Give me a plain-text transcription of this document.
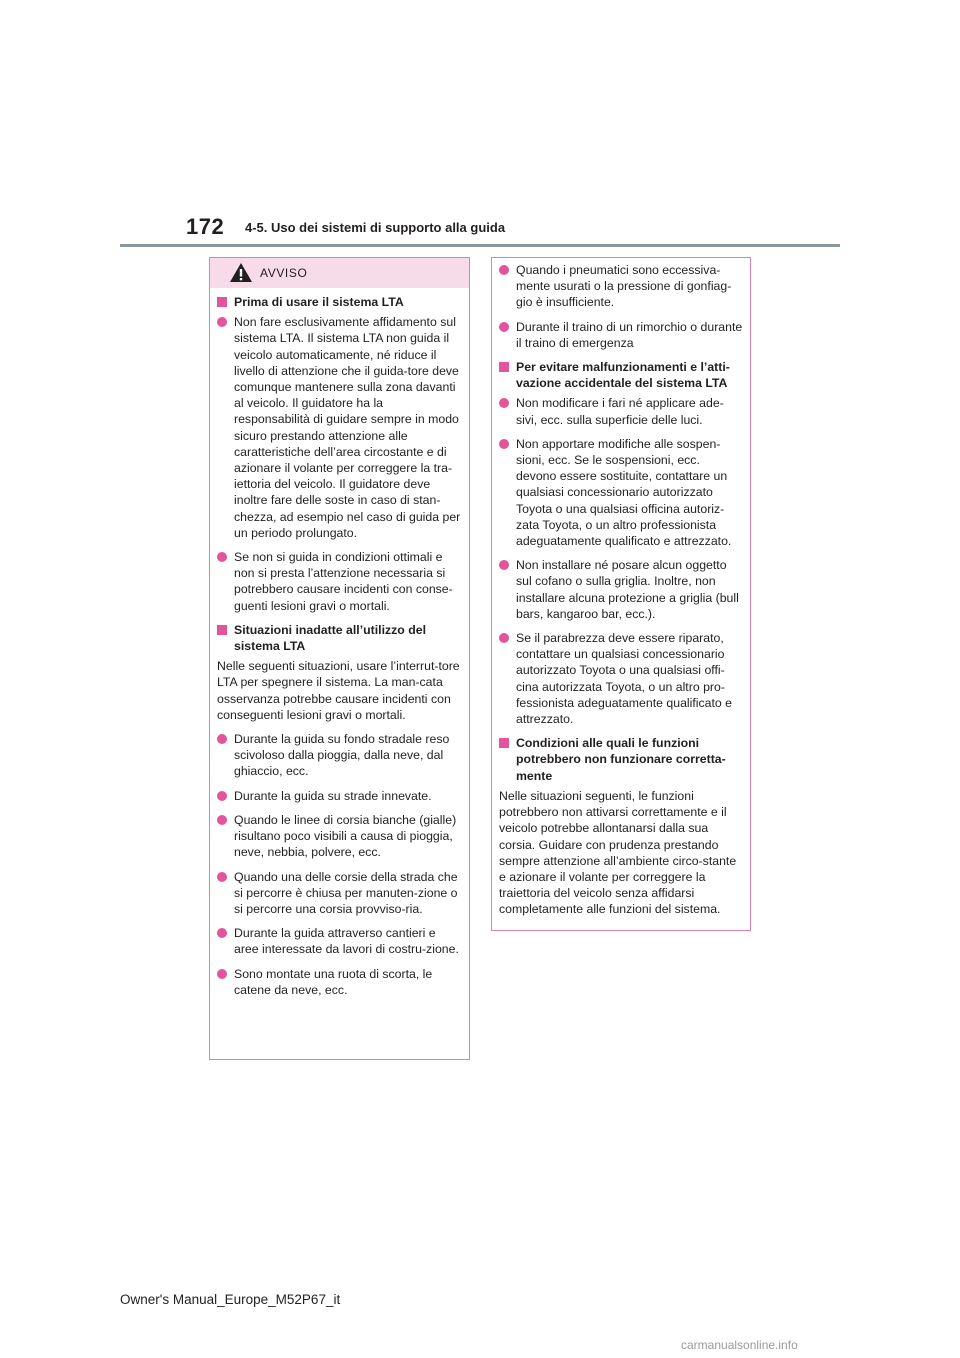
172 4-5. Uso dei sistemi di supporto alla guida
AVVISO
Prima di usare il sistema LTA
Non fare esclusivamente affidamento sul sistema LTA. Il sistema LTA non guida il veicolo automaticamente, né riduce il livello di attenzione che il guida-tore deve comunque mantenere sulla zona davanti al veicolo. Il guidatore ha la responsabilità di guidare sempre in modo sicuro prestando attenzione alle caratteristiche dell’area circostante e di azionare il volante per correggere la tra-iettoria del veicolo. Il guidatore deve inoltre fare delle soste in caso di stan-chezza, ad esempio nel caso di guida per un periodo prolungato.
Se non si guida in condizioni ottimali e non si presta l’attenzione necessaria si potrebbero causare incidenti con conse-guenti lesioni gravi o mortali.
Situazioni inadatte all’utilizzo del sistema LTA
Nelle seguenti situazioni, usare l’interrut-tore LTA per spegnere il sistema. La man-cata osservanza potrebbe causare incidenti con conseguenti lesioni gravi o mortali.
Durante la guida su fondo stradale reso scivoloso dalla pioggia, dalla neve, dal ghiaccio, ecc.
Durante la guida su strade innevate.
Quando le linee di corsia bianche (gialle) risultano poco visibili a causa di pioggia, neve, nebbia, polvere, ecc.
Quando una delle corsie della strada che si percorre è chiusa per manuten-zione o si percorre una corsia provviso-ria.
Durante la guida attraverso cantieri e aree interessate da lavori di costru-zione.
Sono montate una ruota di scorta, le catene da neve, ecc.
Quando i pneumatici sono eccessiva-mente usurati o la pressione di gonfiag-gio è insufficiente.
Durante il traino di un rimorchio o durante il traino di emergenza
Per evitare malfunzionamenti e l’atti-vazione accidentale del sistema LTA
Non modificare i fari né applicare ade-sivi, ecc. sulla superficie delle luci.
Non apportare modifiche alle sospen-sioni, ecc. Se le sospensioni, ecc. devono essere sostituite, contattare un qualsiasi concessionario autorizzato Toyota o una qualsiasi officina autoriz-zata Toyota, o un altro professionista adeguatamente qualificato e attrezzato.
Non installare né posare alcun oggetto sul cofano o sulla griglia. Inoltre, non installare alcuna protezione a griglia (bull bars, kangaroo bar, ecc.).
Se il parabrezza deve essere riparato, contattare un qualsiasi concessionario autorizzato Toyota o una qualsiasi offi-cina autorizzata Toyota, o un altro pro-fessionista adeguatamente qualificato e attrezzato.
Condizioni alle quali le funzioni potrebbero non funzionare corretta-mente
Nelle situazioni seguenti, le funzioni potrebbero non attivarsi correttamente e il veicolo potrebbe allontanarsi dalla sua corsia. Guidare con prudenza prestando sempre attenzione all’ambiente circo-stante e azionare il volante per correggere la traiettoria del veicolo senza affidarsi completamente alle funzioni del sistema.
Owner's Manual_Europe_M52P67_it
carmanualsonline.info
